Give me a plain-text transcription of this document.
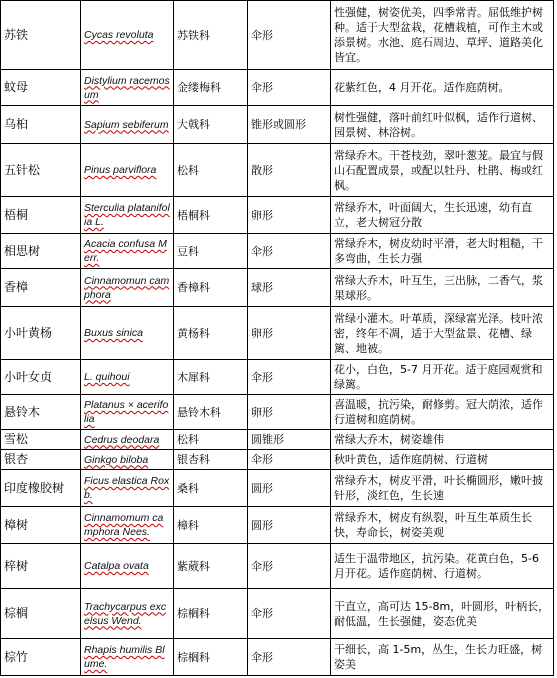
苏铁	Cycas revoluta	苏铁科	伞形	性强健，树姿优美，四季常青。屈低维护树种。适于大型盆栽，花槽栽植，可作主木或添景树。水池、庭石周边、草坪、道路美化皆宜。
蚊母	Distylium racemosum	金缕梅科	伞形	花紫红色，4 月开花。适作庭荫树。
乌桕	Sapium sebiferum	大戟科	锥形或圆形	树性强健，落叶前红叶似枫，适作行道树、园景树、林浴树。
五针松	Pinus parviflora	松科	散形	常绿乔木。干苍枝劲，翠叶葱茏。最宜与假山石配置成景，或配以牡丹、杜鹃、梅或红枫。
梧桐	Sterculia platanifolia L.	梧桐科	卵形	常绿乔木，叶面阔大，生长迅速，幼有直立，老大树冠分散
相思树	Acacia confusa Merr.	豆科	伞形	常绿乔木，树皮幼时平滑，老大时粗糙，干多弯曲，生长力强
香樟	Cinnamomun camphora	香樟科	球形	常绿大乔木，叶互生，三出脉，二香气，浆果球形。
小叶黄杨	Buxus sinica	黄杨科	卵形	常绿小灌木。叶革质，深绿富光泽。枝叶浓密，终年不凋，适于大型盆景、花槽、绿篱、地被。
小叶女贞	L. quihoui	木犀科	伞形	花小，白色，5-7 月开花。适于庭园观赏和绿篱。
悬铃木	Platanus × acerifolia	悬铃木科	卵形	喜温暖，抗污染，耐修剪。冠大荫浓，适作行道树和庭荫树。
雪松	Cedrus deodara	松科	圆锥形	常绿大乔木，树姿雄伟
银杏	Ginkgo biloba	银杏科	伞形	秋叶黄色，适作庭荫树、行道树
印度橡胶树	Ficus elastica Roxb.	桑科	圆形	常绿乔木，树皮平滑，叶长椭圆形，嫩叶披针形，淡红色，生长速
樟树	Cinnamomum camphora Nees.	樟科	圆形	常绿乔木，树皮有纵裂，叶互生革质生长快，寿命长，树姿美观
梓树	Catalpa ovata	紫葳科	伞形	适生于温带地区，抗污染。花黄白色，5-6 月开花。适作庭荫树、行道树。
棕榈	Trachycarpus excelsus Wend.	棕榈科	伞形	干直立，高可达 15-8m，叶圆形，叶柄长，耐低温，生长强健，姿态优美
棕竹	Rhapis humilis Blume.	棕榈科	伞形	干细长，高 1-5m，丛生，生长力旺盛，树姿美
